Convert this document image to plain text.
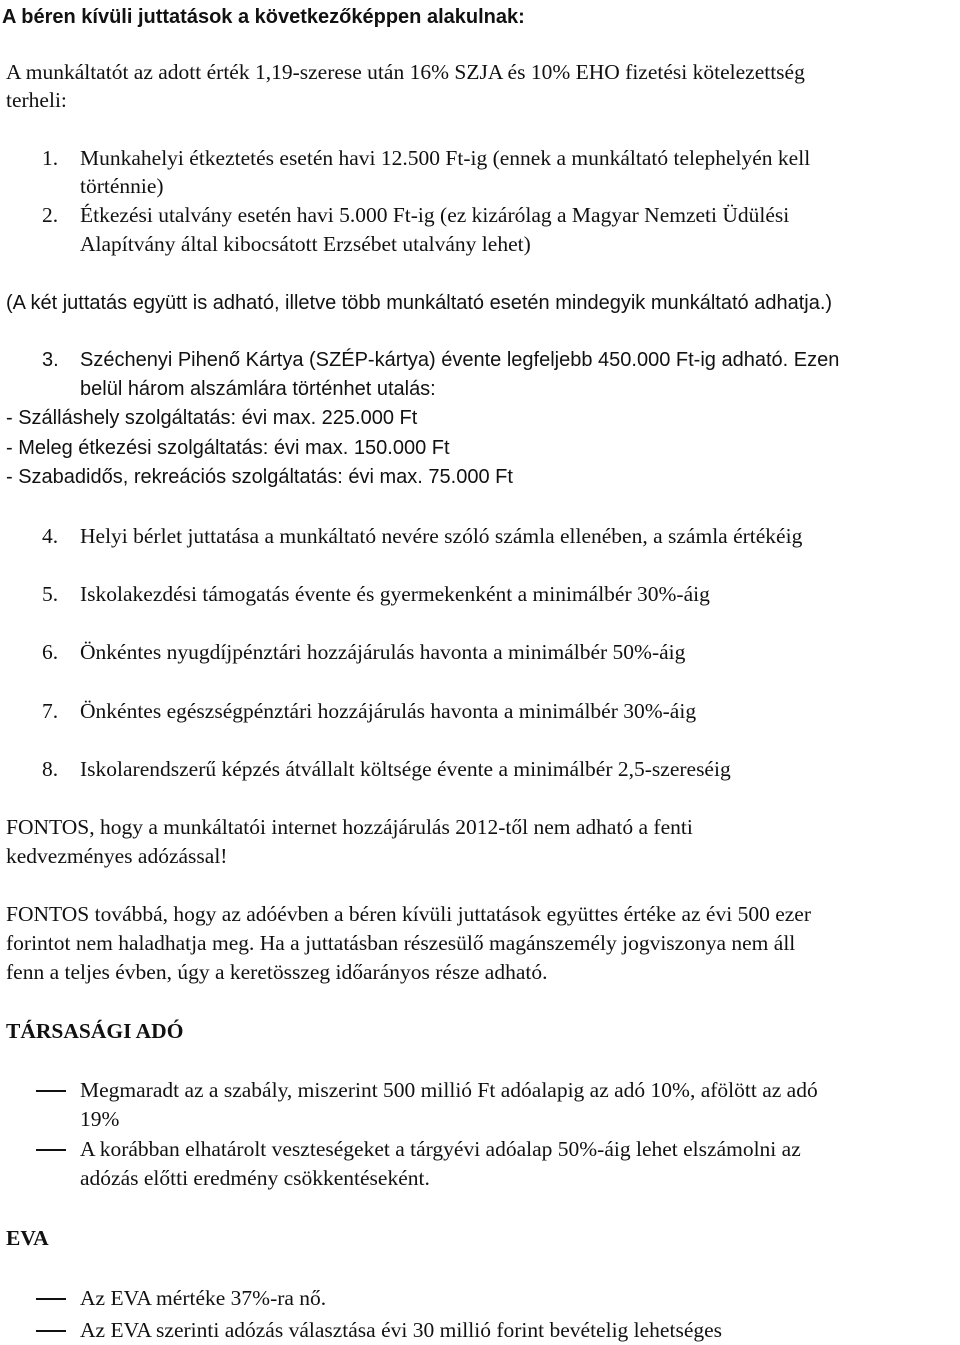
A béren kívüli juttatások a következőképpen alakulnak:
A munkáltatót az adott érték 1,19-szerese után 16% SZJA és 10% EHO fizetési kötelezettség
terheli:
1. Munkahelyi étkeztetés esetén havi 12.500 Ft-ig (ennek a munkáltató telephelyén kell
történnie)
2. Étkezési utalvány esetén havi 5.000 Ft-ig (ez kizárólag a Magyar Nemzeti Üdülési
Alapítvány által kibocsátott Erzsébet utalvány lehet)
(A két juttatás együtt is adható, illetve több munkáltató esetén mindegyik munkáltató adhatja.)
3. Széchenyi Pihenő Kártya (SZÉP-kártya) évente legfeljebb 450.000 Ft-ig adható. Ezen
belül három alszámlára történhet utalás:
- Szálláshely szolgáltatás: évi max. 225.000 Ft
- Meleg étkezési szolgáltatás: évi max. 150.000 Ft
- Szabadidős, rekreációs szolgáltatás: évi max. 75.000 Ft
4. Helyi bérlet juttatása a munkáltató nevére szóló számla ellenében, a számla értékéig
5. Iskolakezdési támogatás évente és gyermekenként a minimálbér 30%-áig
6. Önkéntes nyugdíjpénztári hozzájárulás havonta a minimálbér 50%-áig
7. Önkéntes egészségpénztári hozzájárulás havonta a minimálbér 30%-áig
8. Iskolarendszerű képzés átvállalt költsége évente a minimálbér 2,5-szereséig
FONTOS, hogy a munkáltatói internet hozzájárulás 2012-től nem adható a fenti
kedvezményes adózással!
FONTOS továbbá, hogy az adóévben a béren kívüli juttatások együttes értéke az évi 500 ezer
forintot nem haladhatja meg. Ha a juttatásban részesülő magánszemély jogviszonya nem áll
fenn a teljes évben, úgy a keretösszeg időarányos része adható.
TÁRSASÁGI ADÓ
Megmaradt az a szabály, miszerint 500 millió Ft adóalapig az adó 10%, afölött az adó
19%
A korábban elhatárolt veszteségeket a tárgyévi adóalap 50%-áig lehet elszámolni az
adózás előtti eredmény csökkentéseként.
EVA
Az EVA mértéke 37%-ra nő.
Az EVA szerinti adózás választása évi 30 millió forint bevételig lehetséges
